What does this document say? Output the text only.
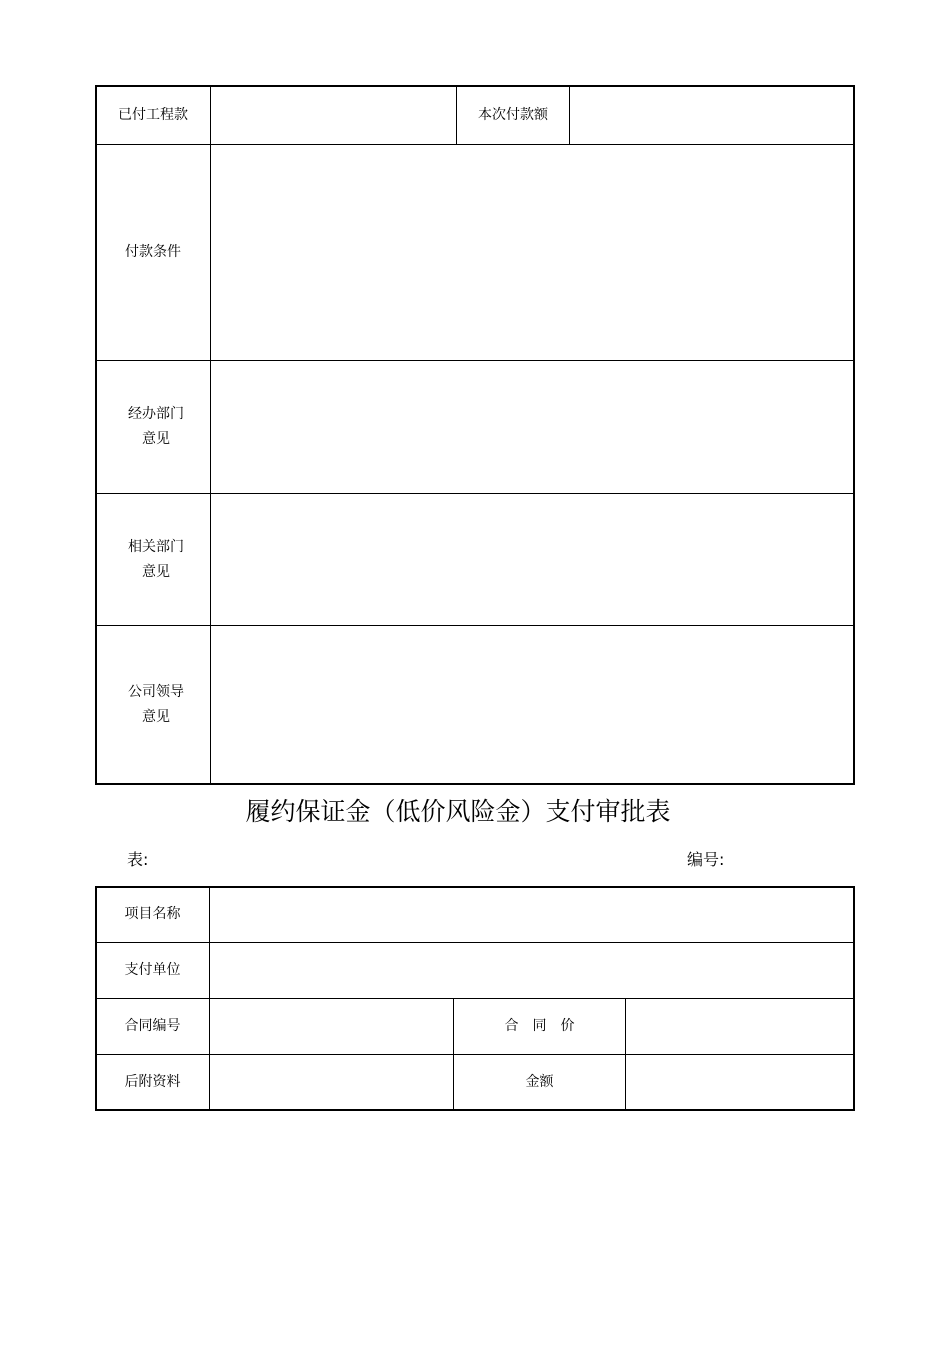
已付工程款	本次付款额
付款条件
经办部门
意见
相关部门
意见
公司领导
意见
履约保证金（低价风险金）支付审批表
表:	编号:
项目名称
支付单位
合同编号	合　同　价
后附资料	金额
